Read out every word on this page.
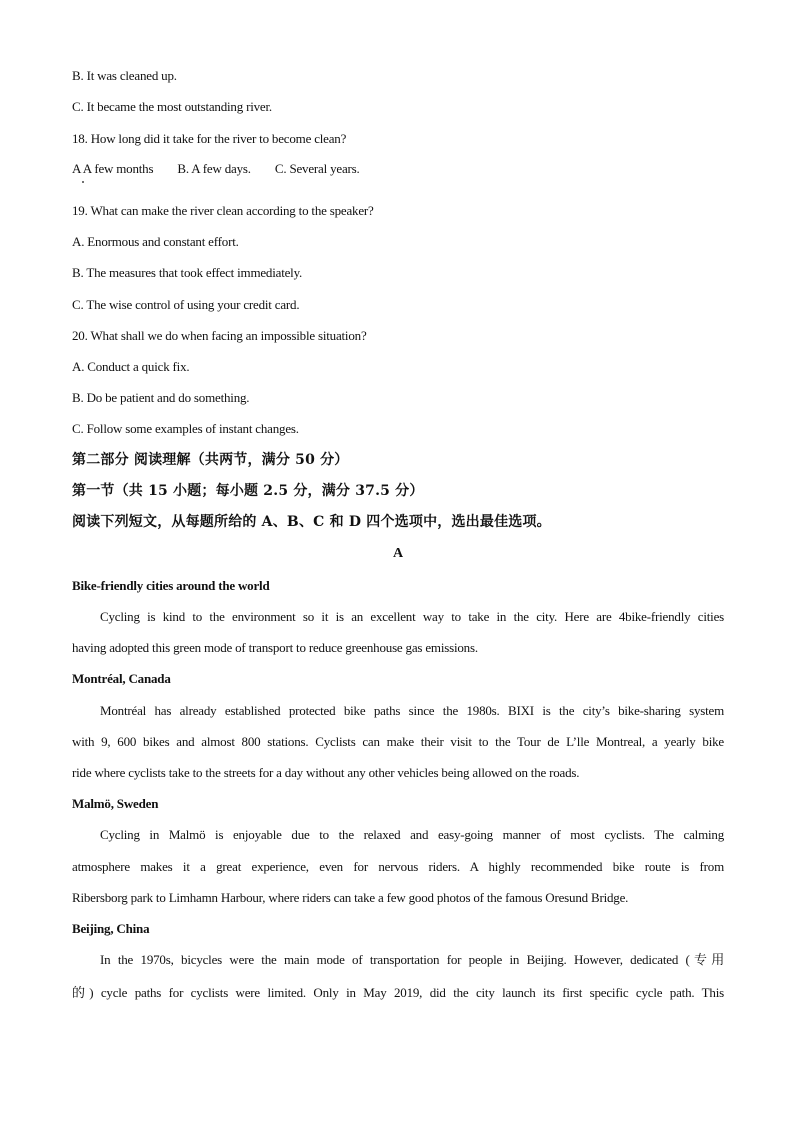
B. It was cleaned up.
C. It became the most outstanding river.
18. How long did it take for the river to become clean?
A A few months B. A few days. C. Several years.
19. What can make the river clean according to the speaker?
A. Enormous and constant effort.
B. The measures that took effect immediately.
C. The wise control of using your credit card.
20. What shall we do when facing an impossible situation?
A. Conduct a quick fix.
B. Do be patient and do something.
C. Follow some examples of instant changes.
第二部分 阅读理解（共两节，满分 50 分）
第一节（共 15 小题；每小题 2.5 分，满分 37.5 分）
阅读下列短文，从每题所给的 A、B、C 和 D 四个选项中，选出最佳选项。
A
Bike-friendly cities around the world
Cycling is kind to the environment so it is an excellent way to take in the city. Here are 4bike-friendly cities
having adopted this green mode of transport to reduce greenhouse gas emissions.
Montréal, Canada
Montréal has already established protected bike paths since the 1980s. BIXI is the city’s bike-sharing system
with 9, 600 bikes and almost 800 stations. Cyclists can make their visit to the Tour de L’lle Montreal, a yearly bike
ride where cyclists take to the streets for a day without any other vehicles being allowed on the roads.
Malmö, Sweden
Cycling in Malmö is enjoyable due to the relaxed and easy-going manner of most cyclists. The calming
atmosphere makes it a great experience, even for nervous riders. A highly recommended bike route is from
Ribersborg park to Limhamn Harbour, where riders can take a few good photos of the famous Oresund Bridge.
Beijing, China
In the 1970s, bicycles were the main mode of transportation for people in Beijing. However, dedicated (专用
的) cycle paths for cyclists were limited. Only in May 2019, did the city launch its first specific cycle path. This
